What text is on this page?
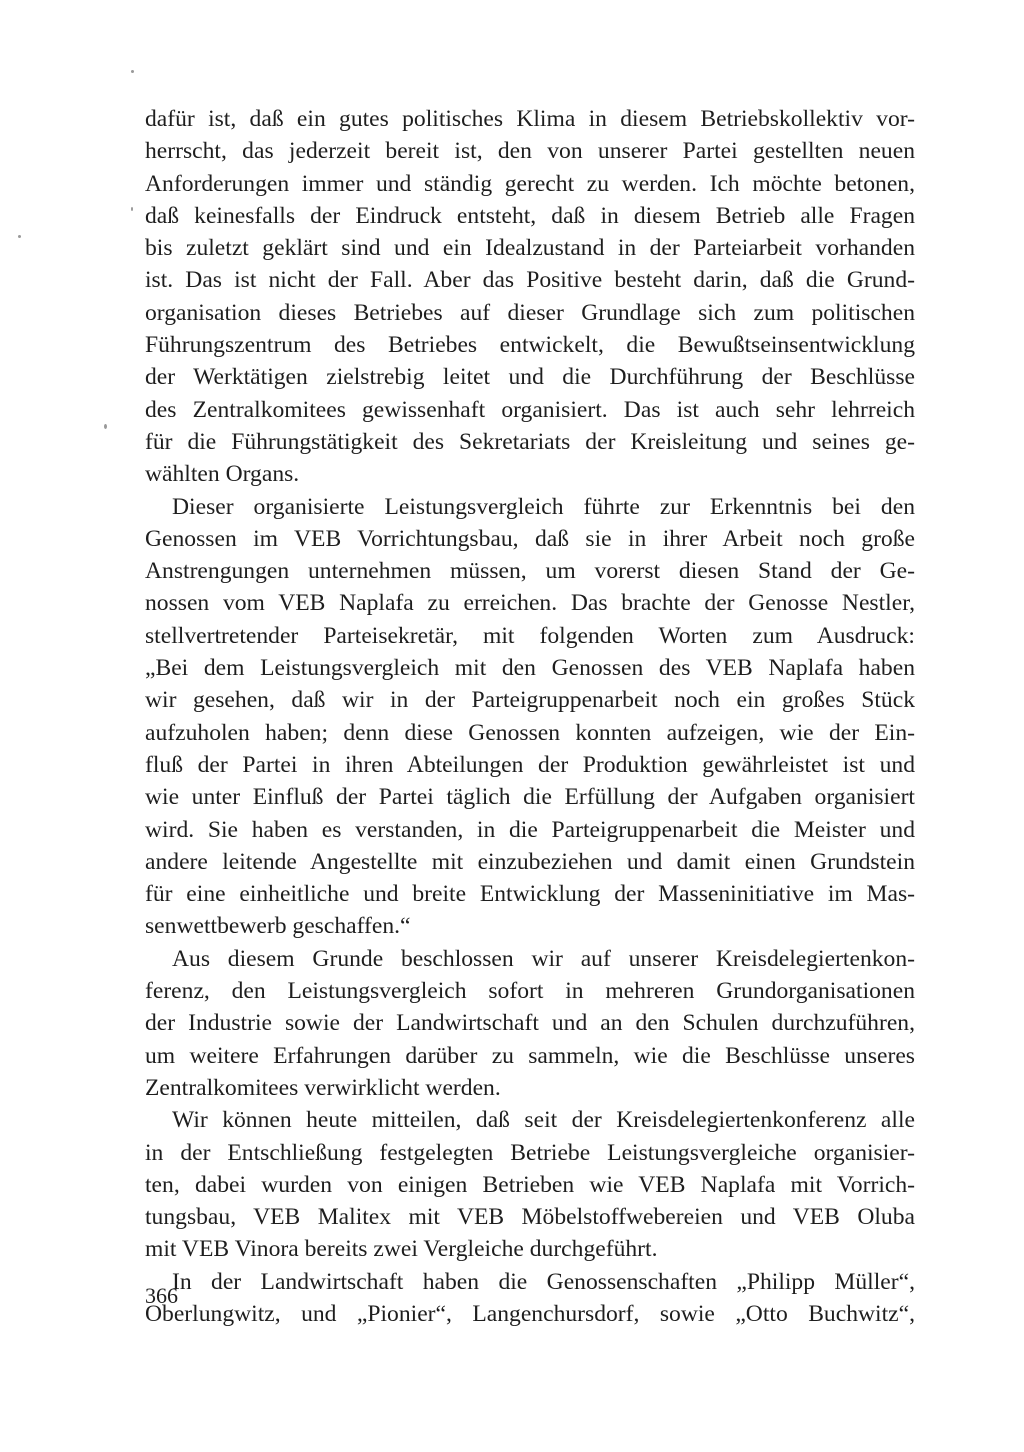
dafür ist, daß ein gutes politisches Klima in diesem Betriebskollektiv vor-
herrscht, das jederzeit bereit ist, den von unserer Partei gestellten neuen
Anforderungen immer und ständig gerecht zu werden. Ich möchte betonen,
daß keinesfalls der Eindruck entsteht, daß in diesem Betrieb alle Fragen
bis zuletzt geklärt sind und ein Idealzustand in der Parteiarbeit vorhanden
ist. Das ist nicht der Fall. Aber das Positive besteht darin, daß die Grund-
organisation dieses Betriebes auf dieser Grundlage sich zum politischen
Führungszentrum des Betriebes entwickelt, die Bewußtseinsentwicklung
der Werktätigen zielstrebig leitet und die Durchführung der Beschlüsse
des Zentralkomitees gewissenhaft organisiert. Das ist auch sehr lehrreich
für die Führungstätigkeit des Sekretariats der Kreisleitung und seines ge-
wählten Organs.
Dieser organisierte Leistungsvergleich führte zur Erkenntnis bei den
Genossen im VEB Vorrichtungsbau, daß sie in ihrer Arbeit noch große
Anstrengungen unternehmen müssen, um vorerst diesen Stand der Ge-
nossen vom VEB Naplafa zu erreichen. Das brachte der Genosse Nestler,
stellvertretender Parteisekretär, mit folgenden Worten zum Ausdruck:
„Bei dem Leistungsvergleich mit den Genossen des VEB Naplafa haben
wir gesehen, daß wir in der Parteigruppenarbeit noch ein großes Stück
aufzuholen haben; denn diese Genossen konnten aufzeigen, wie der Ein-
fluß der Partei in ihren Abteilungen der Produktion gewährleistet ist und
wie unter Einfluß der Partei täglich die Erfüllung der Aufgaben organisiert
wird. Sie haben es verstanden, in die Parteigruppenarbeit die Meister und
andere leitende Angestellte mit einzubeziehen und damit einen Grundstein
für eine einheitliche und breite Entwicklung der Masseninitiative im Mas-
senwettbewerb geschaffen.“
Aus diesem Grunde beschlossen wir auf unserer Kreisdelegiertenkon-
ferenz, den Leistungsvergleich sofort in mehreren Grundorganisationen
der Industrie sowie der Landwirtschaft und an den Schulen durchzuführen,
um weitere Erfahrungen darüber zu sammeln, wie die Beschlüsse unseres
Zentralkomitees verwirklicht werden.
Wir können heute mitteilen, daß seit der Kreisdelegiertenkonferenz alle
in der Entschließung festgelegten Betriebe Leistungsvergleiche organisier-
ten, dabei wurden von einigen Betrieben wie VEB Naplafa mit Vorrich-
tungsbau, VEB Malitex mit VEB Möbelstoffwebereien und VEB Oluba
mit VEB Vinora bereits zwei Vergleiche durchgeführt.
In der Landwirtschaft haben die Genossenschaften „Philipp Müller“,
Oberlungwitz, und „Pionier“, Langenchursdorf, sowie „Otto Buchwitz“,
366
